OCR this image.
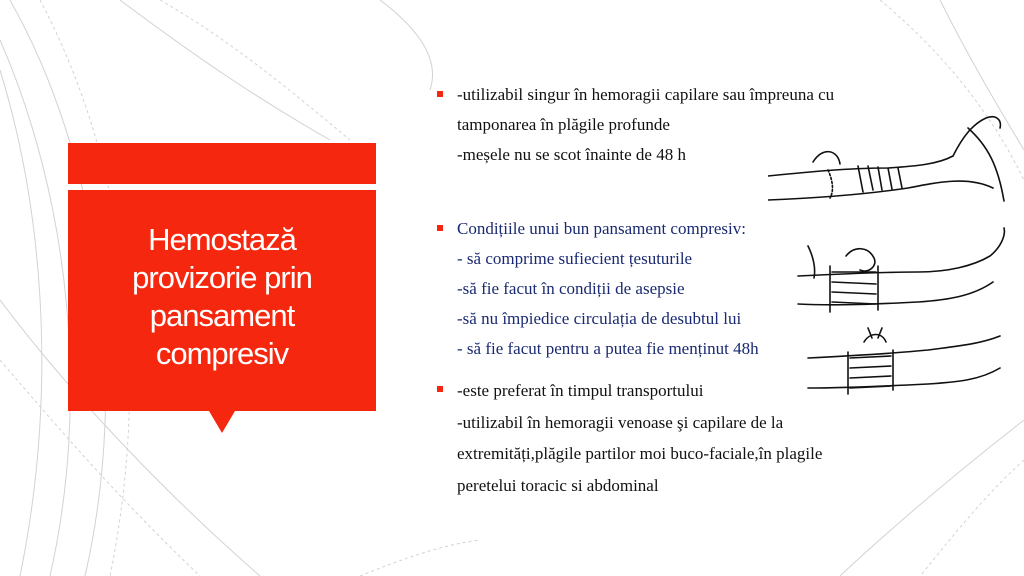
Hemostază provizorie prin pansament compresiv
-utilizabil singur în hemoragii capilare sau împreuna cu
tamponarea în plăgile profunde
-meșele nu se scot înainte de 48 h
Condițiile unui bun pansament compresiv:
- să comprime sufiecient țesuturile
-să fie facut în condiții de asepsie
-să nu împiedice circulația de desubtul lui
- să fie facut pentru a putea fie menținut 48h
-este preferat în timpul transportului
-utilizabil în hemoragii venoase şi capilare de la
extremități,plăgile partilor moi buco-faciale,în plagile
peretelui toracic si abdominal
